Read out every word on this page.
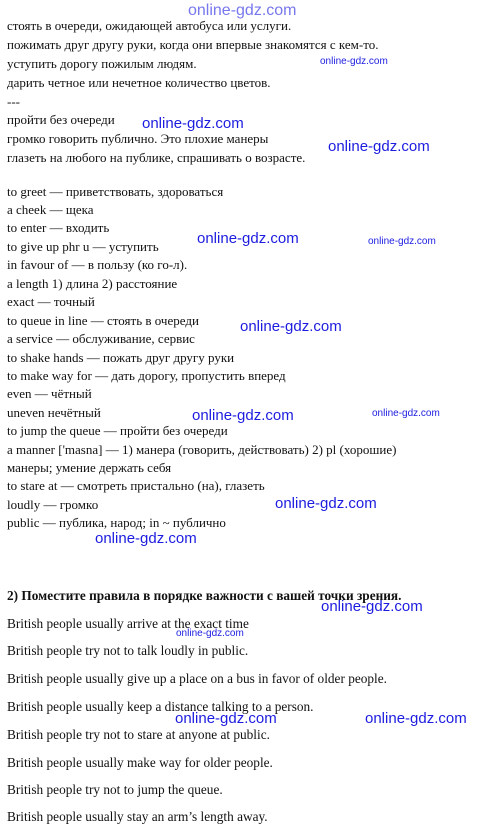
стоять в очереди, ожидающей автобуса или услуги.
пожимать друг другу руки, когда они впервые знакомятся с кем-то.
уступить дорогу пожилым людям.
дарить четное или нечетное количество цветов.
---
пройти без очереди
громко говорить публично. Это плохие манеры
глазеть на любого на публике, спрашивать о возрасте.
to greet — приветствовать, здороваться
a cheek — щека
to enter — входить
to give up phr u — уступить
in favour of — в пользу (ко го-л).
a length 1) длина 2) расстояние
exact — точный
to queue in line — стоять в очереди
a service — обслуживание, сервис
to shake hands — пожать друг другу руки
to make way for — дать дорогу, пропустить вперед
even — чётный
uneven нечётный
to jump the queue — пройти без очереди
a manner ['masna] — 1) манера (говорить, действовать) 2) pl (хорошие)
манеры; умение держать себя
to stare at — смотреть пристально (на), глазеть
loudly — громко
public — публика, народ; in ~ публично
2) Поместите правила в порядке важности с вашей точки зрения.
British people usually arrive at the exact time
British people try not to talk loudly in public.
British people usually give up a place on a bus in favor of older people.
British people usually keep a distance talking to a person.
British people try not to stare at anyone at public.
British people usually make way for older people.
British people try not to jump the queue.
British people usually stay an arm’s length away.
online-gdz.com
online-gdz.com
online-gdz.com
online-gdz.com
online-gdz.com	online-gdz.com
online-gdz.com
online-gdz.com	online-gdz.com
online-gdz.com
online-gdz.com
online-gdz.com
online-gdz.com
online-gdz.com	online-gdz.com
